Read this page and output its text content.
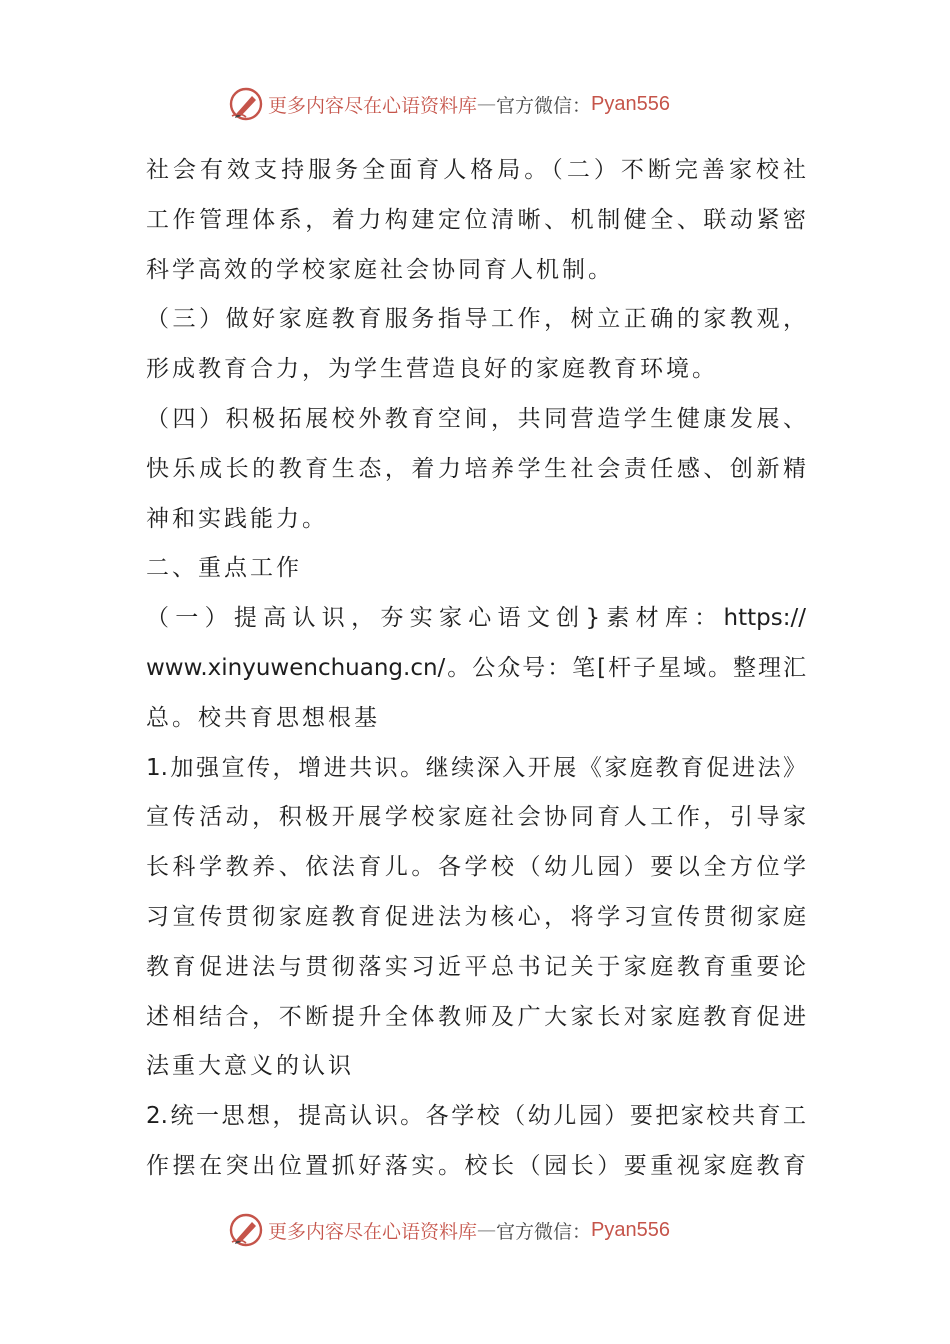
更多内容尽在心语资料库 — 官方微信： Pyan556
社会有效支持服务全面育人格局。（二）不断完善家校社
工作管理体系，着力构建定位清晰、机制健全、联动紧密
科学高效的学校家庭社会协同育人机制。
（三）做好家庭教育服务指导工作，树立正确的家教观，
形成教育合力，为学生营造良好的家庭教育环境。
（四）积极拓展校外教育空间，共同营造学生健康发展、
快乐成长的教育生态，着力培养学生社会责任感、创新精
神和实践能力。
二、重点工作
（一）提高认识，夯实家心语文创}素材库：https://
www.xinyuwenchuang.cn/。公众号：笔[杆子星域。整理汇
总。校共育思想根基
1.加强宣传，增进共识。继续深入开展《家庭教育促进法》
宣传活动，积极开展学校家庭社会协同育人工作，引导家
长科学教养、依法育儿。各学校（幼儿园）要以全方位学
习宣传贯彻家庭教育促进法为核心，将学习宣传贯彻家庭
教育促进法与贯彻落实习近平总书记关于家庭教育重要论
述相结合，不断提升全体教师及广大家长对家庭教育促进
法重大意义的认识
2.统一思想，提高认识。各学校（幼儿园）要把家校共育工
作摆在突出位置抓好落实。校长（园长）要重视家庭教育
更多内容尽在心语资料库 — 官方微信： Pyan556
